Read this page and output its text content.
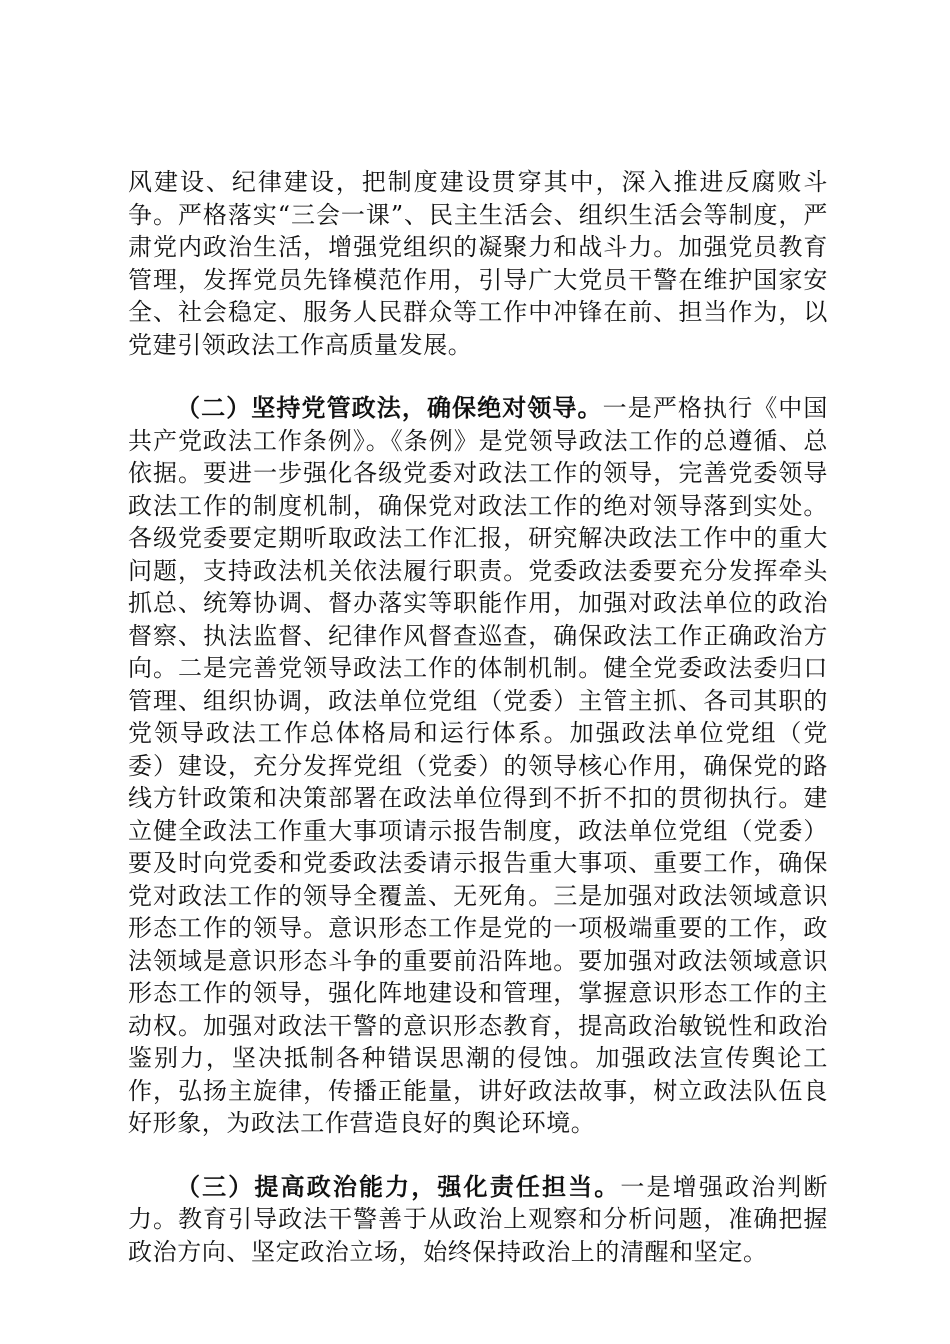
风建设、纪律建设，把制度建设贯穿其中，深入推进反腐败斗争。严格落实“三会一课”、民主生活会、组织生活会等制度，严肃党内政治生活，增强党组织的凝聚力和战斗力。加强党员教育管理，发挥党员先锋模范作用，引导广大党员干警在维护国家安全、社会稳定、服务人民群众等工作中冲锋在前、担当作为，以党建引领政法工作高质量发展。

（二）坚持党管政法，确保绝对领导。一是严格执行《中国共产党政法工作条例》。《条例》是党领导政法工作的总遵循、总依据。要进一步强化各级党委对政法工作的领导，完善党委领导政法工作的制度机制，确保党对政法工作的绝对领导落到实处。各级党委要定期听取政法工作汇报，研究解决政法工作中的重大问题，支持政法机关依法履行职责。党委政法委要充分发挥牵头抓总、统筹协调、督办落实等职能作用，加强对政法单位的政治督察、执法监督、纪律作风督查巡查，确保政法工作正确政治方向。二是完善党领导政法工作的体制机制。健全党委政法委归口管理、组织协调，政法单位党组（党委）主管主抓、各司其职的党领导政法工作总体格局和运行体系。加强政法单位党组（党委）建设，充分发挥党组（党委）的领导核心作用，确保党的路线方针政策和决策部署在政法单位得到不折不扣的贯彻执行。建立健全政法工作重大事项请示报告制度，政法单位党组（党委）要及时向党委和党委政法委请示报告重大事项、重要工作，确保党对政法工作的领导全覆盖、无死角。三是加强对政法领域意识形态工作的领导。意识形态工作是党的一项极端重要的工作，政法领域是意识形态斗争的重要前沿阵地。要加强对政法领域意识形态工作的领导，强化阵地建设和管理，掌握意识形态工作的主动权。加强对政法干警的意识形态教育，提高政治敏锐性和政治鉴别力，坚决抵制各种错误思潮的侵蚀。加强政法宣传舆论工作，弘扬主旋律，传播正能量，讲好政法故事，树立政法队伍良好形象，为政法工作营造良好的舆论环境。

（三）提高政治能力，强化责任担当。一是增强政治判断力。教育引导政法干警善于从政治上观察和分析问题，准确把握政治方向、坚定政治立场，始终保持政治上的清醒和坚定。
